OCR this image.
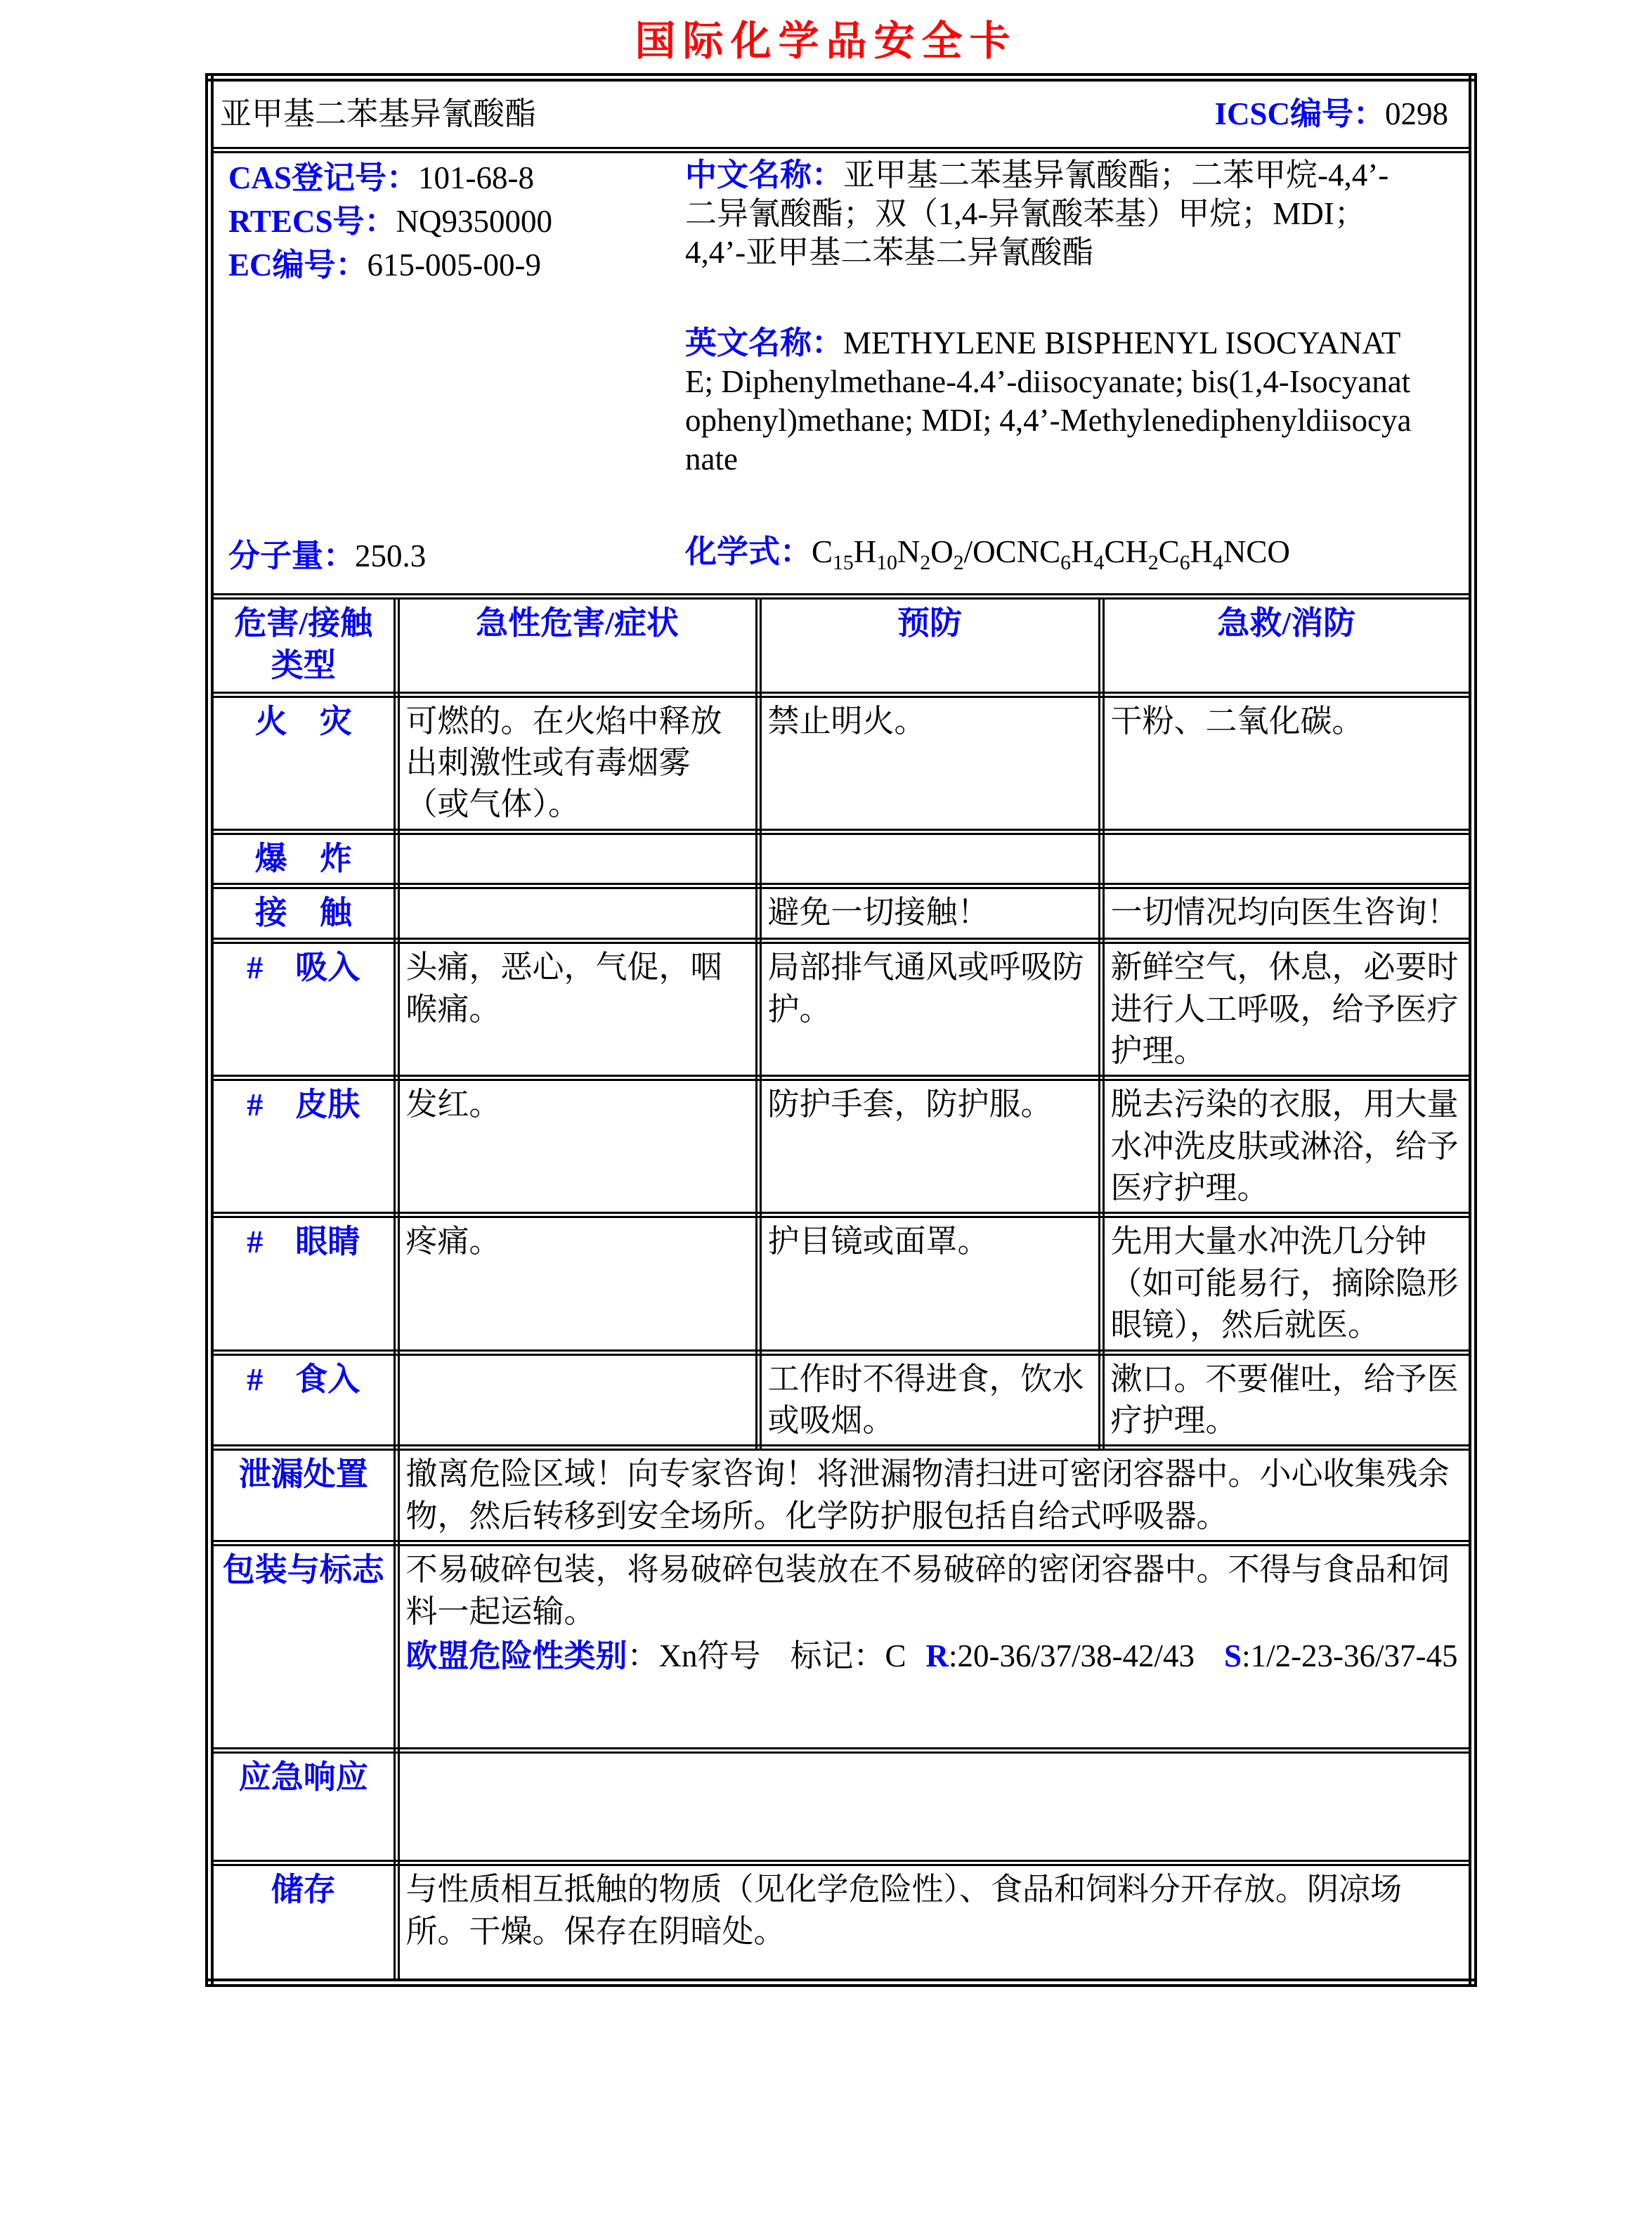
国际化学品安全卡
亚甲基二苯基异氰酸酯 ICSC编号：0298			

CAS登记号：101-68-8
RTECS号：NQ9350000
EC编号：615-005-00-9
分子量：250.3
中文名称：亚甲基二苯基异氰酸酯；二苯甲烷-4,4’-二异氰酸酯；双（1,4-异氰酸苯基）甲烷；MDI；4,4’-亚甲基二苯基二异氰酸酯
英文名称：METHYLENE BISPHENYL ISOCYANATE; Diphenylmethane-4.4’-diisocyanate; bis(1,4-Isocyanatophenyl)methane; MDI; 4,4’-Methylenediphenyldiisocyanate
化学式：$C_{15}H_{10}N_2O_2/OCNC_6H_4CH_2C_6H_4NCO$

危害/接触类型	急性危害/症状	预防	急救/消防
火　灾	可燃的。在火焰中释放出刺激性或有毒烟雾（或气体）。	禁止明火。	干粉、二氧化碳。
爆　炸			
接　触		避免一切接触！	一切情况均向医生咨询！
#　吸入	头痛，恶心，气促，咽喉痛。	局部排气通风或呼吸防护。	新鲜空气，休息，必要时进行人工呼吸，给予医疗护理。
#　皮肤	发红。	防护手套，防护服。	脱去污染的衣服，用大量水冲洗皮肤或淋浴，给予医疗护理。
#　眼睛	疼痛。	护目镜或面罩。	先用大量水冲洗几分钟（如可能易行，摘除隐形眼镜），然后就医。
#　食入		工作时不得进食，饮水或吸烟。	漱口。不要催吐，给予医疗护理。
泄漏处置	撤离危险区域！向专家咨询！将泄漏物清扫进可密闭容器中。小心收集残余物，然后转移到安全场所。化学防护服包括自给式呼吸器。		
包装与标志	不易破碎包装，将易破碎包装放在不易破碎的密闭容器中。不得与食品和饲料一起运输。
欧盟危险性类别：Xn符号 标记：C R:20-36/37/38-42/43 S:1/2-23-36/37-45		

应急响应			
储存	与性质相互抵触的物质（见化学危险性）、食品和饲料分开存放。阴凉场所。干燥。保存在阴暗处。		
